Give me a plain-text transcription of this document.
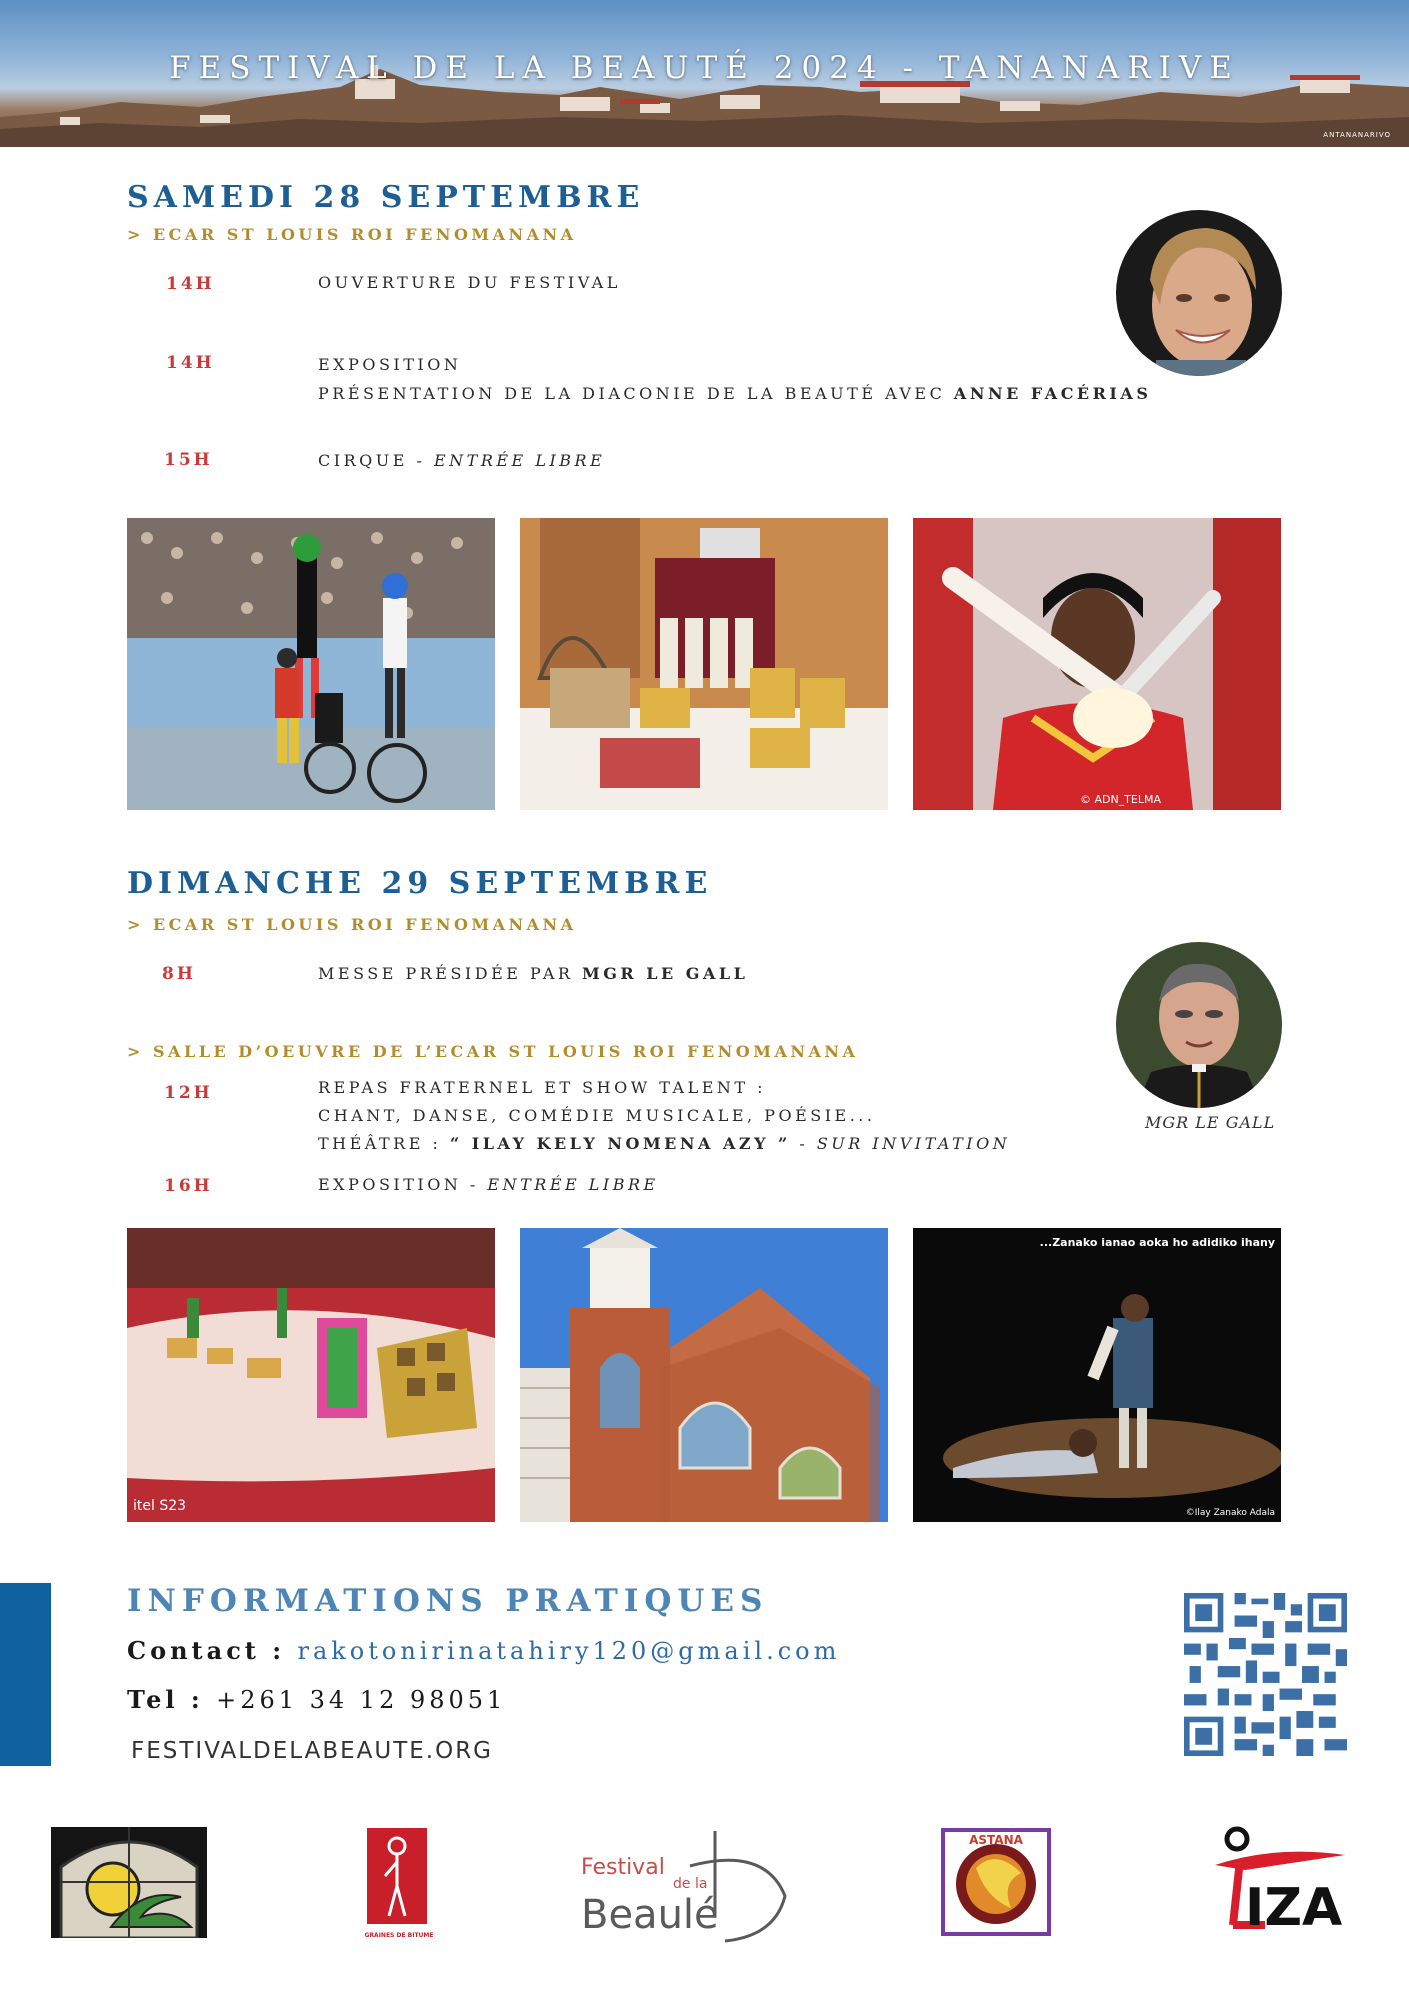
FESTIVAL DE LA BEAUTÉ 2024 - TANANARIVE
ANTANANARIVO
SAMEDI 28 SEPTEMBRE
> ECAR ST LOUIS ROI FENOMANANA
14H	OUVERTURE DU FESTIVAL
14H	EXPOSITION
PRÉSENTATION DE LA DIACONIE DE LA BEAUTÉ AVEC ANNE FACÉRIAS
15H	CIRQUE - ENTRÉE LIBRE
© ADN_TELMA
DIMANCHE 29 SEPTEMBRE
> ECAR ST LOUIS ROI FENOMANANA
8H	MESSE PRÉSIDÉE PAR MGR LE GALL
> SALLE D’OEUVRE DE L’ECAR ST LOUIS ROI FENOMANANA
12H	REPAS FRATERNEL ET SHOW TALENT :
CHANT, DANSE, COMÉDIE MUSICALE, POÉSIE...
THÉÂTRE : “ ILAY KELY NOMENA AZY ” - SUR INVITATION
16H	EXPOSITION - ENTRÉE LIBRE
MGR LE GALL
itel S23
...Zanako ianao aoka ho adidiko ihany
©Ilay Zanako Adala
INFORMATIONS PRATIQUES
Contact : rakotonirinatahiry120@gmail.com
Tel : +261 34 12 98051
FESTIVALDELABEAUTE.ORG
GRAINES DE BITUME
Festival
de la
Beaulé
ASTANA
IZA
